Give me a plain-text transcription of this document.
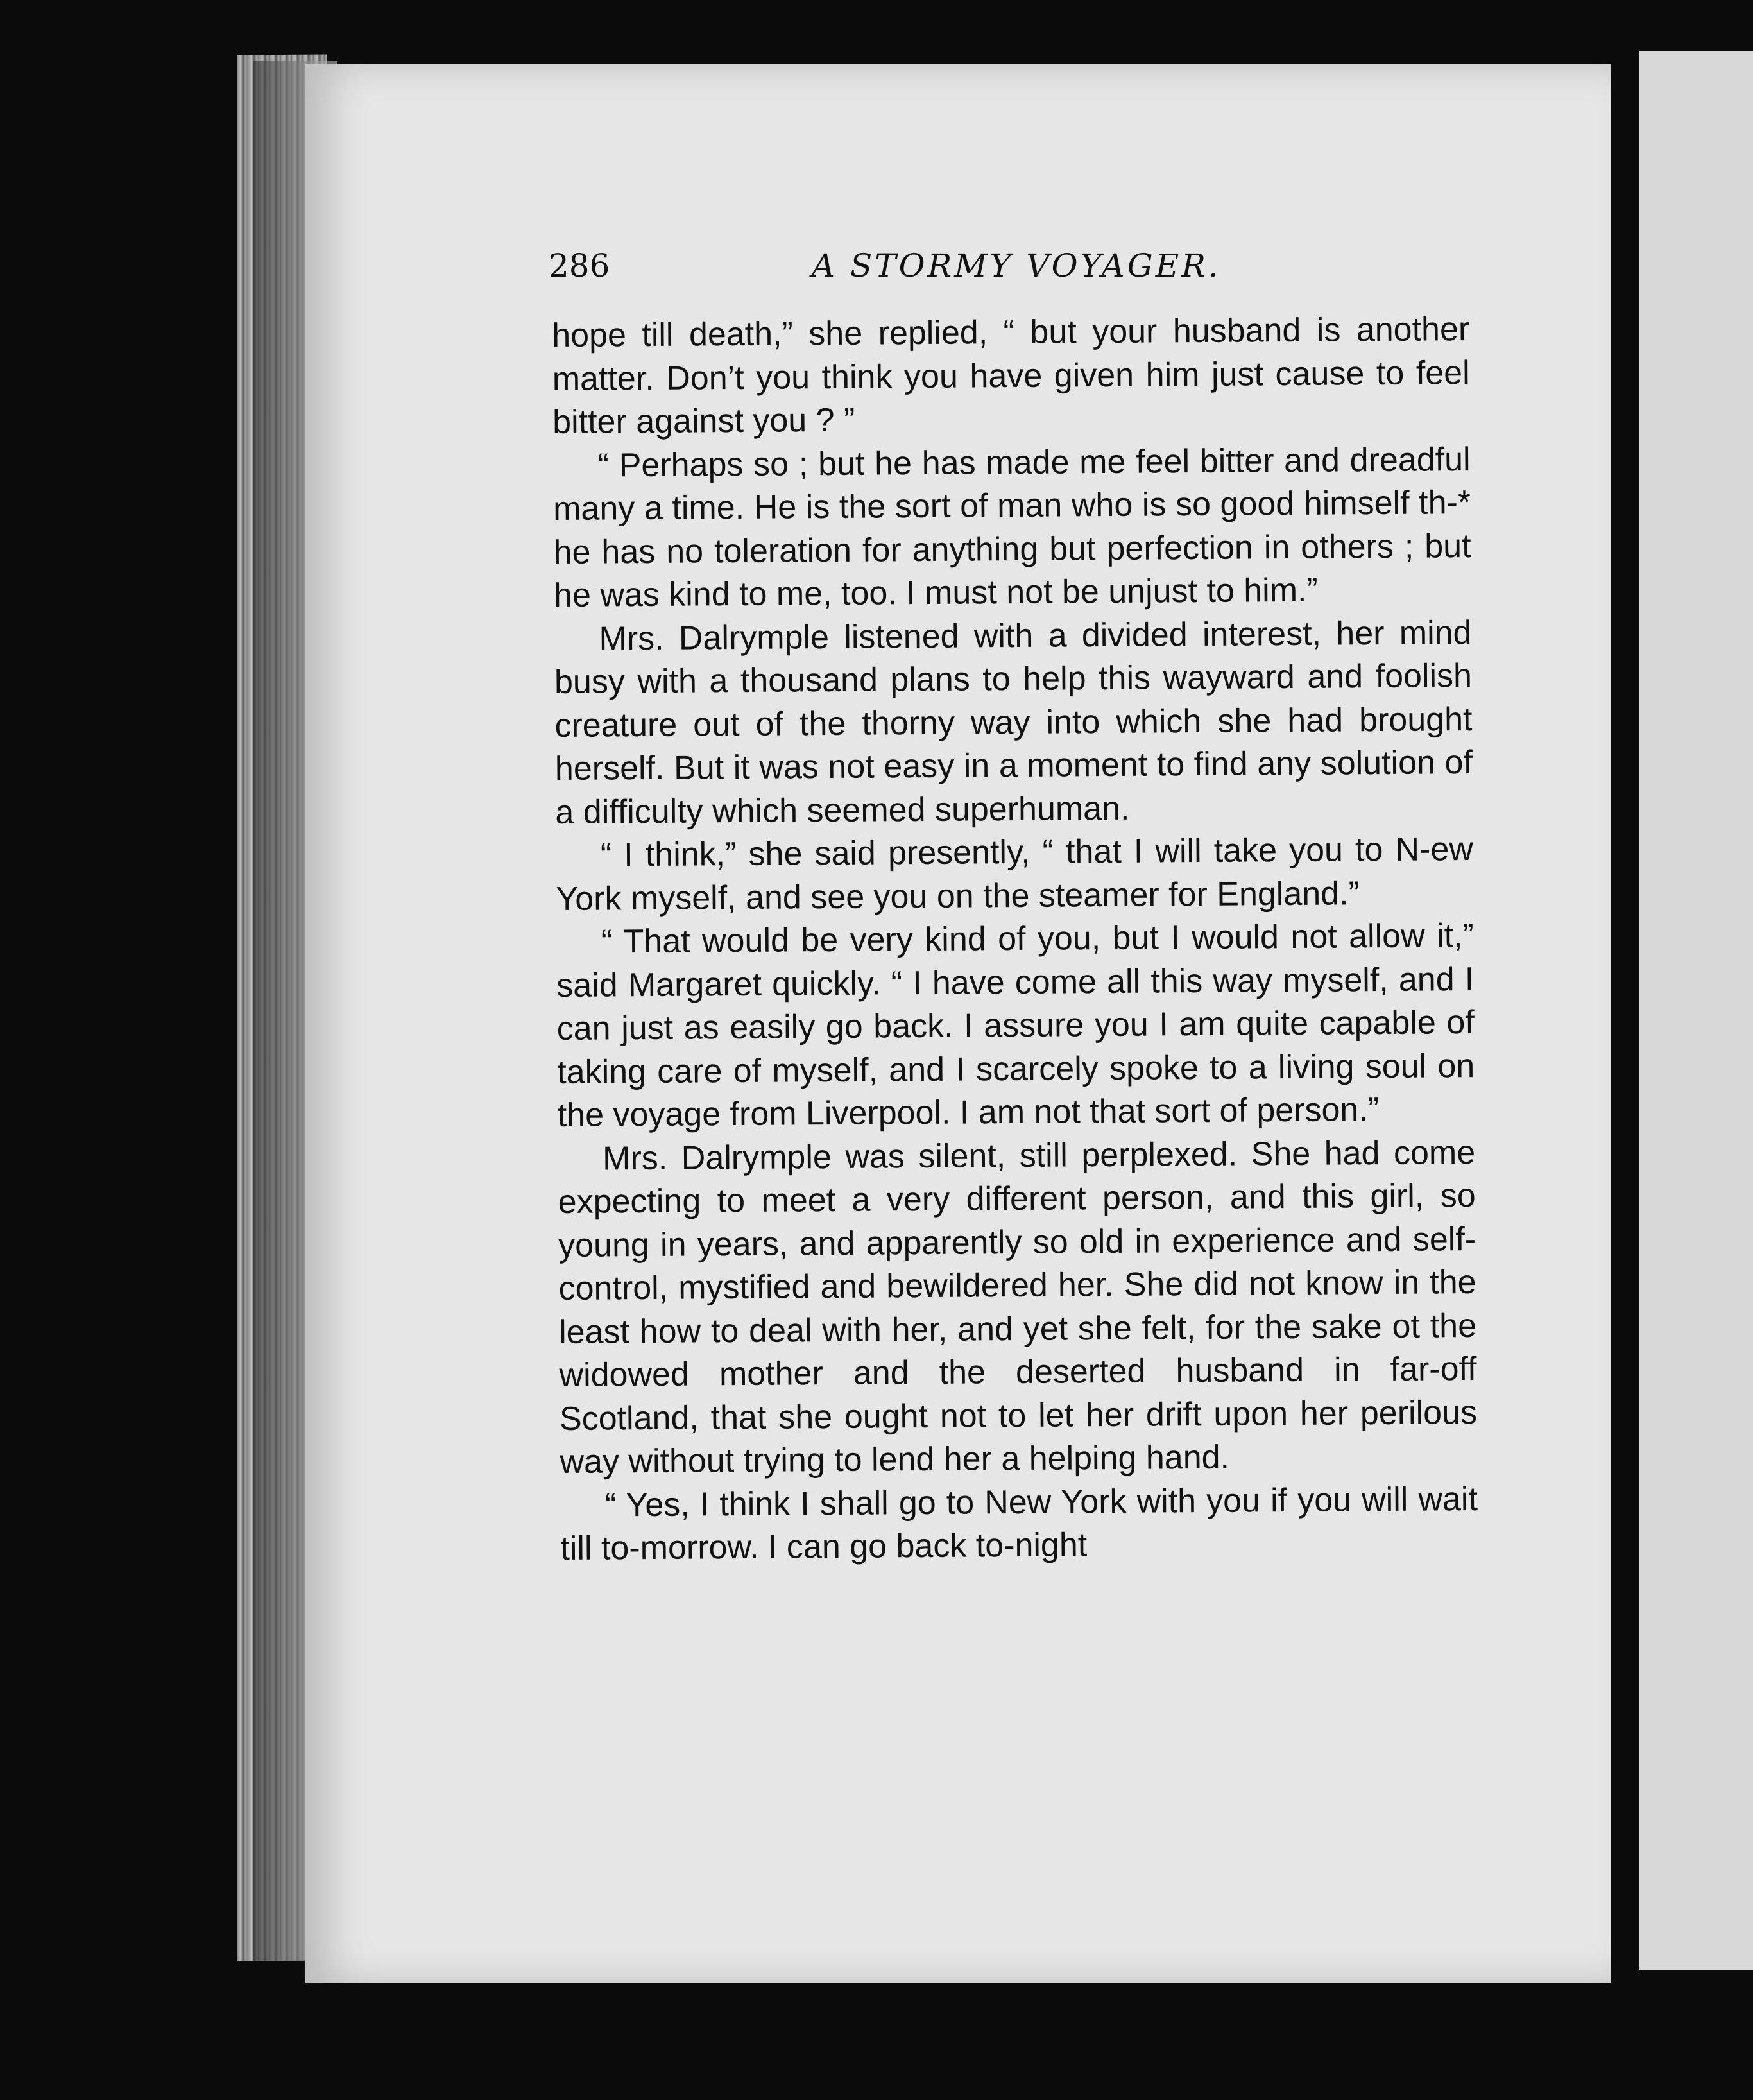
286	A STORMY VOYAGER.

hope till death,” she replied, “ but your husband is another matter. Don’t you think you have given him just cause to feel bitter against you ? ”

“ Perhaps so ; but he has made me feel bitter and dreadful many a time. He is the sort of man who is so good himself th‑* he has no toleration for anything but perfection in others ; but he was kind to me, too. I must not be unjust to him.”

Mrs. Dalrymple listened with a divided interest, her mind busy with a thousand plans to help this wayward and foolish creature out of the thorny way into which she had brought herself. But it was not easy in a moment to find any solution of a difficulty which seemed superhuman.

“ I think,” she said presently, “ that I will take you to N‑ew York myself, and see you on the steamer for England.”

“ That would be very kind of you, but I would not allow it,” said Margaret quickly. “ I have come all this way myself, and I can just as easily go back. I assure you I am quite capable of taking care of myself, and I scarcely spoke to a living soul on the voyage from Liverpool. I am not that sort of person.”

Mrs. Dalrymple was silent, still perplexed. She had come expecting to meet a very different person, and this girl, so young in years, and apparently so old in experience and self-control, mystified and bewildered her. She did not know in the least how to deal with her, and yet she felt, for the sake ot the widowed mother and the deserted husband in far-off Scotland, that she ought not to let her drift upon her perilous way without trying to lend her a helping hand.

“ Yes, I think I shall go to New York with you if you will wait till to-morrow. I can go back to-night
